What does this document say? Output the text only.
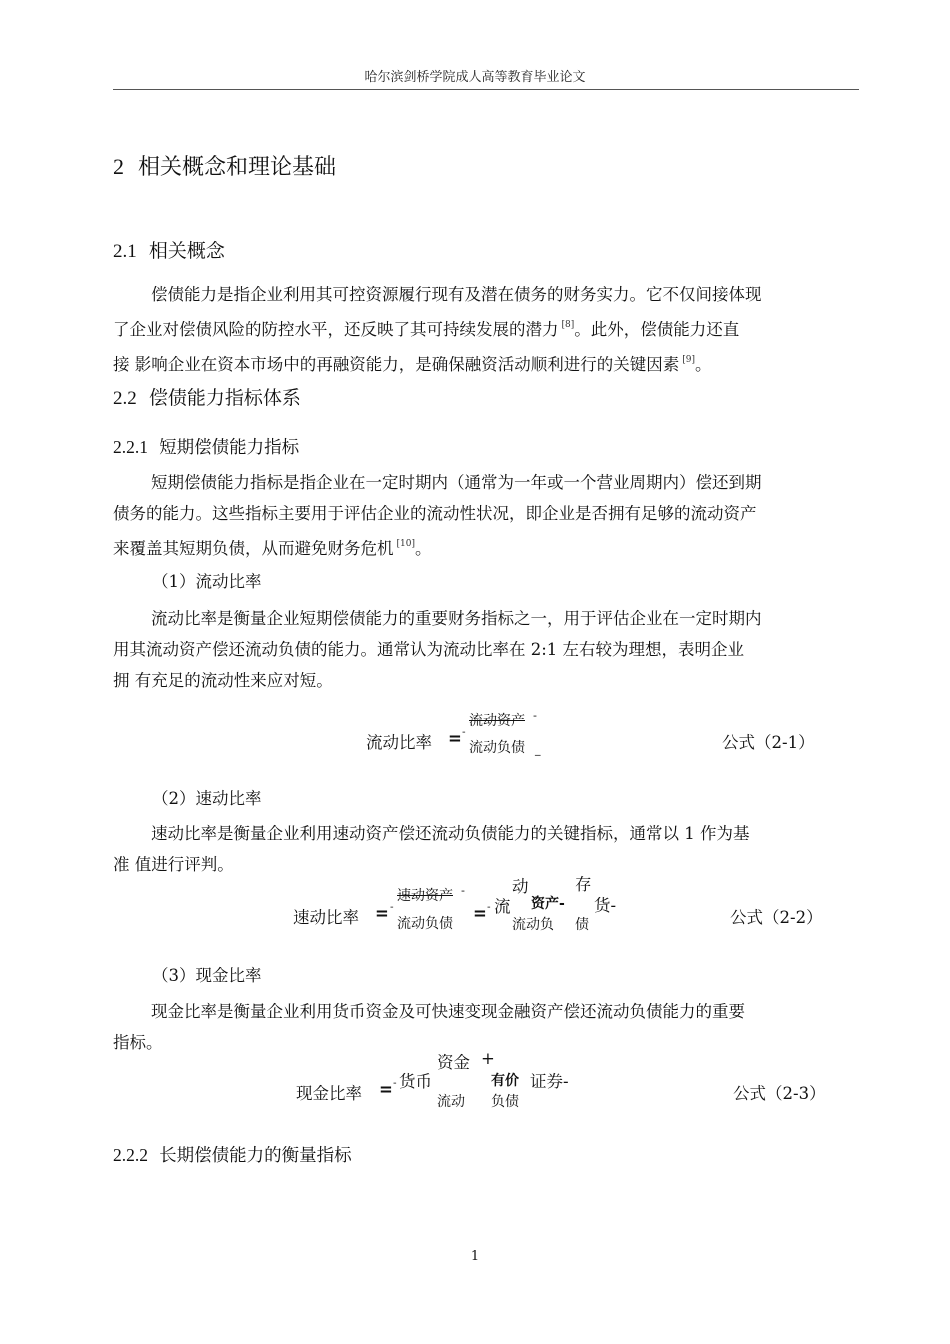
哈尔滨剑桥学院成人高等教育毕业论文
2 相关概念和理论基础
2.1 相关概念
偿债能力是指企业利用其可控资源履行现有及潜在债务的财务实力。它不仅间接体现
了企业对偿债风险的防控水平，还反映了其可持续发展的潜力 [8]。此外，偿债能力还直
接 影响企业在资本市场中的再融资能力，是确保融资活动顺利进行的关键因素 [9]。
2.2 偿债能力指标体系
2.2.1 短期偿债能力指标
短期偿债能力指标是指企业在一定时期内（通常为一年或一个营业周期内）偿还到期
债务的能力。这些指标主要用于评估企业的流动性状况，即企业是否拥有足够的流动资产
来覆盖其短期负债，从而避免财务危机 [10]。
（1）流动比率
流动比率是衡量企业短期偿债能力的重要财务指标之一，用于评估企业在一定时期内
用其流动资产偿还流动负债的能力。通常认为流动比率在 2:1 左右较为理想，表明企业
拥 有充足的流动性来应对短。
流动比率 = -
流动资产 -
流动负债 _	公式（2-1）
（2）速动比率
速动比率是衡量企业利用速动资产偿还流动负债能力的关键指标，通常以 1 作为基
准 值进行评判。
速动比率 = -
速动资产 -
流动负债
= -
动
流 资产-
流动负
存
货-
债	公式（2-2）
（3）现金比率
现金比率是衡量企业利用货币资金及可快速变现金融资产偿还流动负债能力的重要
指标。
现金比率 = -
资金 +
货币	有价 证券-
流动 负债	公式（2-3）
2.2.2 长期偿债能力的衡量指标
1
